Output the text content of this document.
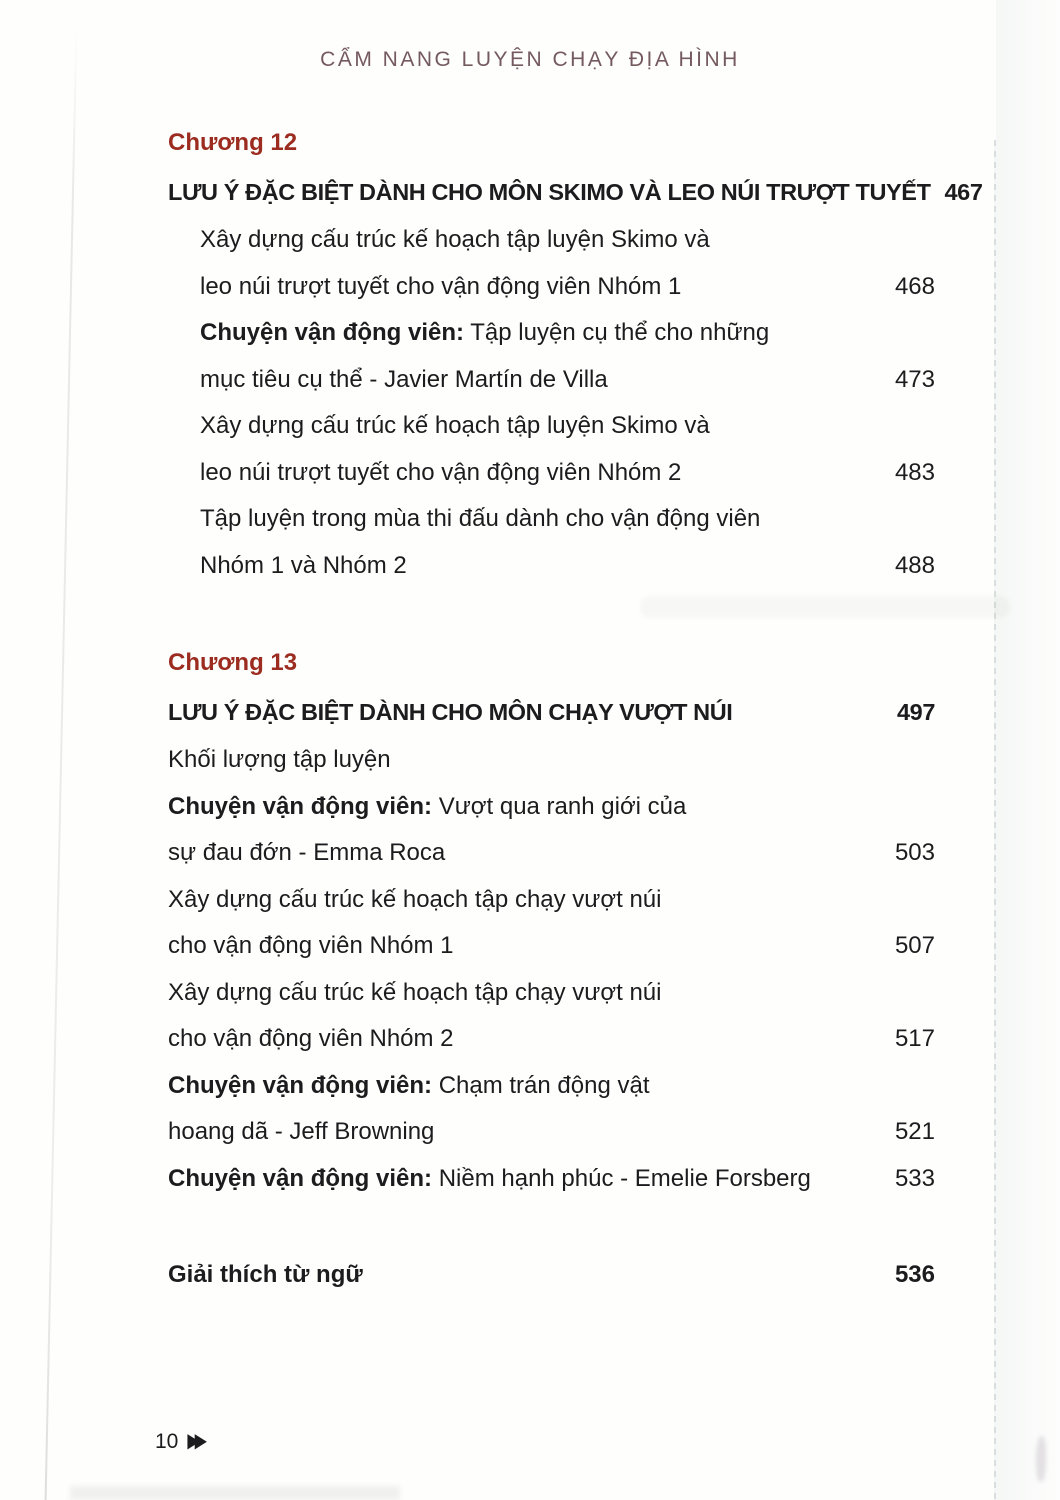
CẨM NANG LUYỆN CHẠY ĐỊA HÌNH
Chương 12
LƯU Ý ĐẶC BIỆT DÀNH CHO MÔN SKIMO VÀ LEO NÚI TRƯỢT TUYẾT 467
Xây dựng cấu trúc kế hoạch tập luyện Skimo và
leo núi trượt tuyết cho vận động viên Nhóm 1	468
Chuyện vận động viên: Tập luyện cụ thể cho những
mục tiêu cụ thể - Javier Martín de Villa	473
Xây dựng cấu trúc kế hoạch tập luyện Skimo và
leo núi trượt tuyết cho vận động viên Nhóm 2	483
Tập luyện trong mùa thi đấu dành cho vận động viên
Nhóm 1 và Nhóm 2	488
Chương 13
LƯU Ý ĐẶC BIỆT DÀNH CHO MÔN CHẠY VƯỢT NÚI	497
Khối lượng tập luyện
Chuyện vận động viên: Vượt qua ranh giới của
sự đau đớn - Emma Roca	503
Xây dựng cấu trúc kế hoạch tập chạy vượt núi
cho vận động viên Nhóm 1	507
Xây dựng cấu trúc kế hoạch tập chạy vượt núi
cho vận động viên Nhóm 2	517
Chuyện vận động viên: Chạm trán động vật
hoang dã - Jeff Browning	521
Chuyện vận động viên: Niềm hạnh phúc - Emelie Forsberg	533
Giải thích từ ngữ	536
10 ▶▶
